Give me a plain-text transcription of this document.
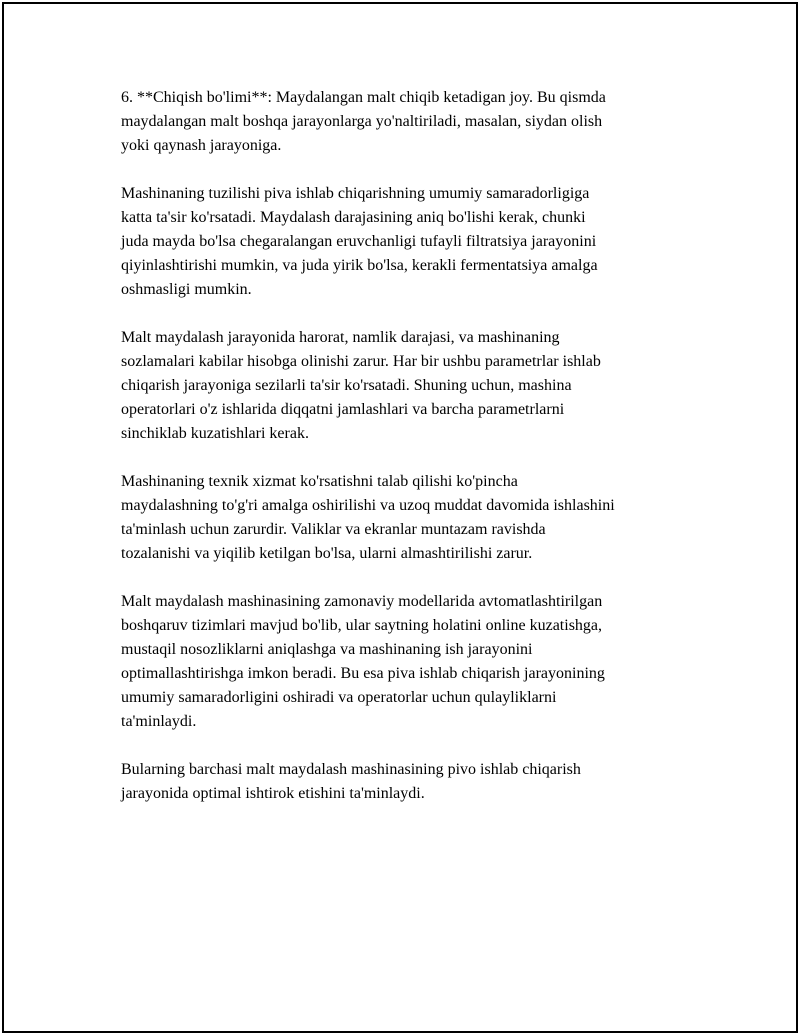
6. **Chiqish bo'limi**: Maydalangan malt chiqib ketadigan joy. Bu qismda
maydalangan malt boshqa jarayonlarga yo'naltiriladi, masalan, siydan olish
yoki qaynash jarayoniga.

Mashinaning tuzilishi piva ishlab chiqarishning umumiy samaradorligiga
katta ta'sir ko'rsatadi. Maydalash darajasining aniq bo'lishi kerak, chunki
juda mayda bo'lsa chegaralangan eruvchanligi tufayli filtratsiya jarayonini
qiyinlashtirishi mumkin, va juda yirik bo'lsa, kerakli fermentatsiya amalga
oshmasligi mumkin.

Malt maydalash jarayonida harorat, namlik darajasi, va mashinaning
sozlamalari kabilar hisobga olinishi zarur. Har bir ushbu parametrlar ishlab
chiqarish jarayoniga sezilarli ta'sir ko'rsatadi. Shuning uchun, mashina
operatorlari o'z ishlarida diqqatni jamlashlari va barcha parametrlarni
sinchiklab kuzatishlari kerak.

Mashinaning texnik xizmat ko'rsatishni talab qilishi ko'pincha
maydalashning to'g'ri amalga oshirilishi va uzoq muddat davomida ishlashini
ta'minlash uchun zarurdir. Valiklar va ekranlar muntazam ravishda
tozalanishi va yiqilib ketilgan bo'lsa, ularni almashtirilishi zarur.

Malt maydalash mashinasining zamonaviy modellarida avtomatlashtirilgan
boshqaruv tizimlari mavjud bo'lib, ular saytning holatini online kuzatishga,
mustaqil nosozliklarni aniqlashga va mashinaning ish jarayonini
optimallashtirishga imkon beradi. Bu esa piva ishlab chiqarish jarayonining
umumiy samaradorligini oshiradi va operatorlar uchun qulayliklarni
ta'minlaydi.

Bularning barchasi malt maydalash mashinasining pivo ishlab chiqarish
jarayonida optimal ishtirok etishini ta'minlaydi.
